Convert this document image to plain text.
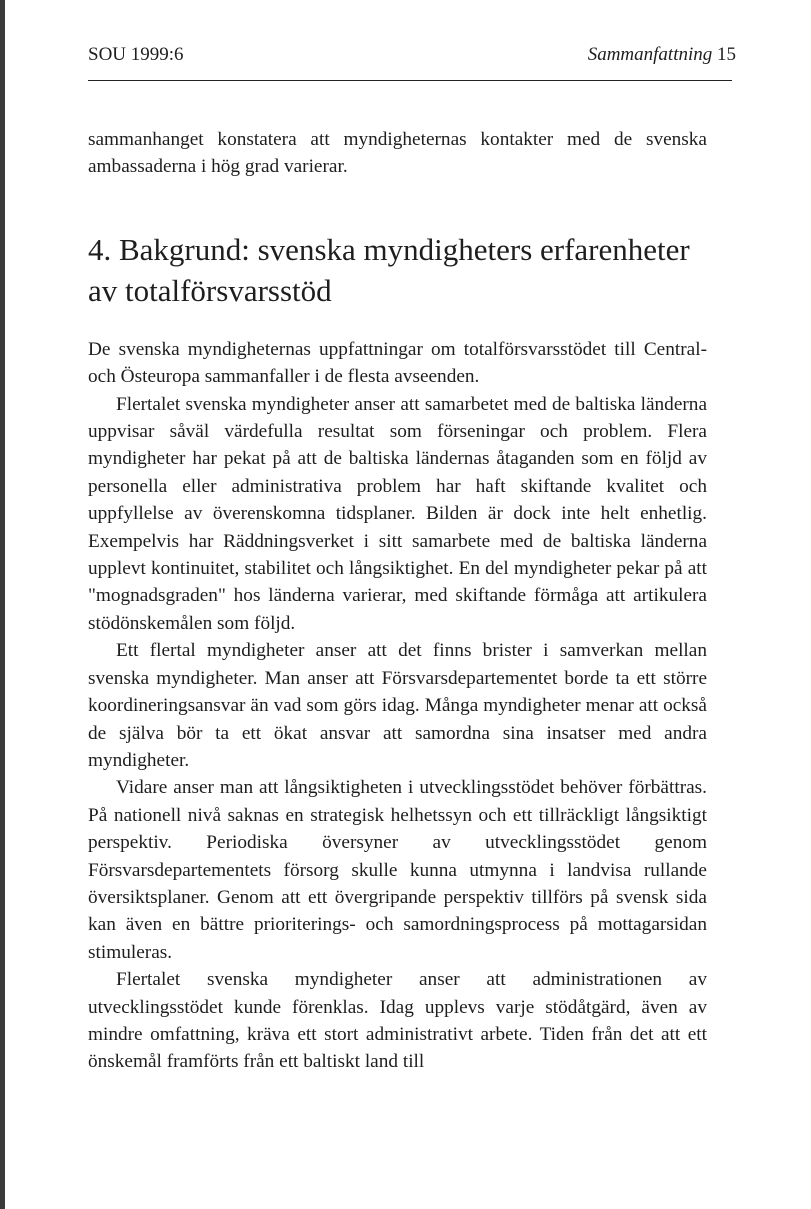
SOU 1999:6	Sammanfattning 15

sammanhanget konstatera att myndigheternas kontakter med de svenska ambassaderna i hög grad varierar.

4. Bakgrund: svenska myndigheters erfarenheter av totalförsvarsstöd

De svenska myndigheternas uppfattningar om totalförsvarsstödet till Central- och Östeuropa sammanfaller i de flesta avseenden.

Flertalet svenska myndigheter anser att samarbetet med de baltiska länderna uppvisar såväl värdefulla resultat som förseningar och problem. Flera myndigheter har pekat på att de baltiska ländernas åtaganden som en följd av personella eller administrativa problem har haft skiftande kvalitet och uppfyllelse av överenskomna tidsplaner. Bilden är dock inte helt enhetlig. Exempelvis har Räddningsverket i sitt samarbete med de baltiska länderna upplevt kontinuitet, stabilitet och långsiktighet. En del myndigheter pekar på att "mognadsgraden" hos länderna varierar, med skiftande förmåga att artikulera stödönskemålen som följd.

Ett flertal myndigheter anser att det finns brister i samverkan mellan svenska myndigheter. Man anser att Försvarsdepartementet borde ta ett större koordineringsansvar än vad som görs idag. Många myndigheter menar att också de själva bör ta ett ökat ansvar att samordna sina insatser med andra myndigheter.

Vidare anser man att långsiktigheten i utvecklingsstödet behöver förbättras. På nationell nivå saknas en strategisk helhetssyn och ett tillräckligt långsiktigt perspektiv. Periodiska översyner av utvecklingsstödet genom Försvarsdepartementets försorg skulle kunna utmynna i landvisa rullande översiktsplaner. Genom att ett övergripande perspektiv tillförs på svensk sida kan även en bättre prioriterings- och samordningsprocess på mottagarsidan stimuleras.

Flertalet svenska myndigheter anser att administrationen av utvecklingsstödet kunde förenklas. Idag upplevs varje stödåtgärd, även av mindre omfattning, kräva ett stort administrativt arbete. Tiden från det att ett önskemål framförts från ett baltiskt land till
